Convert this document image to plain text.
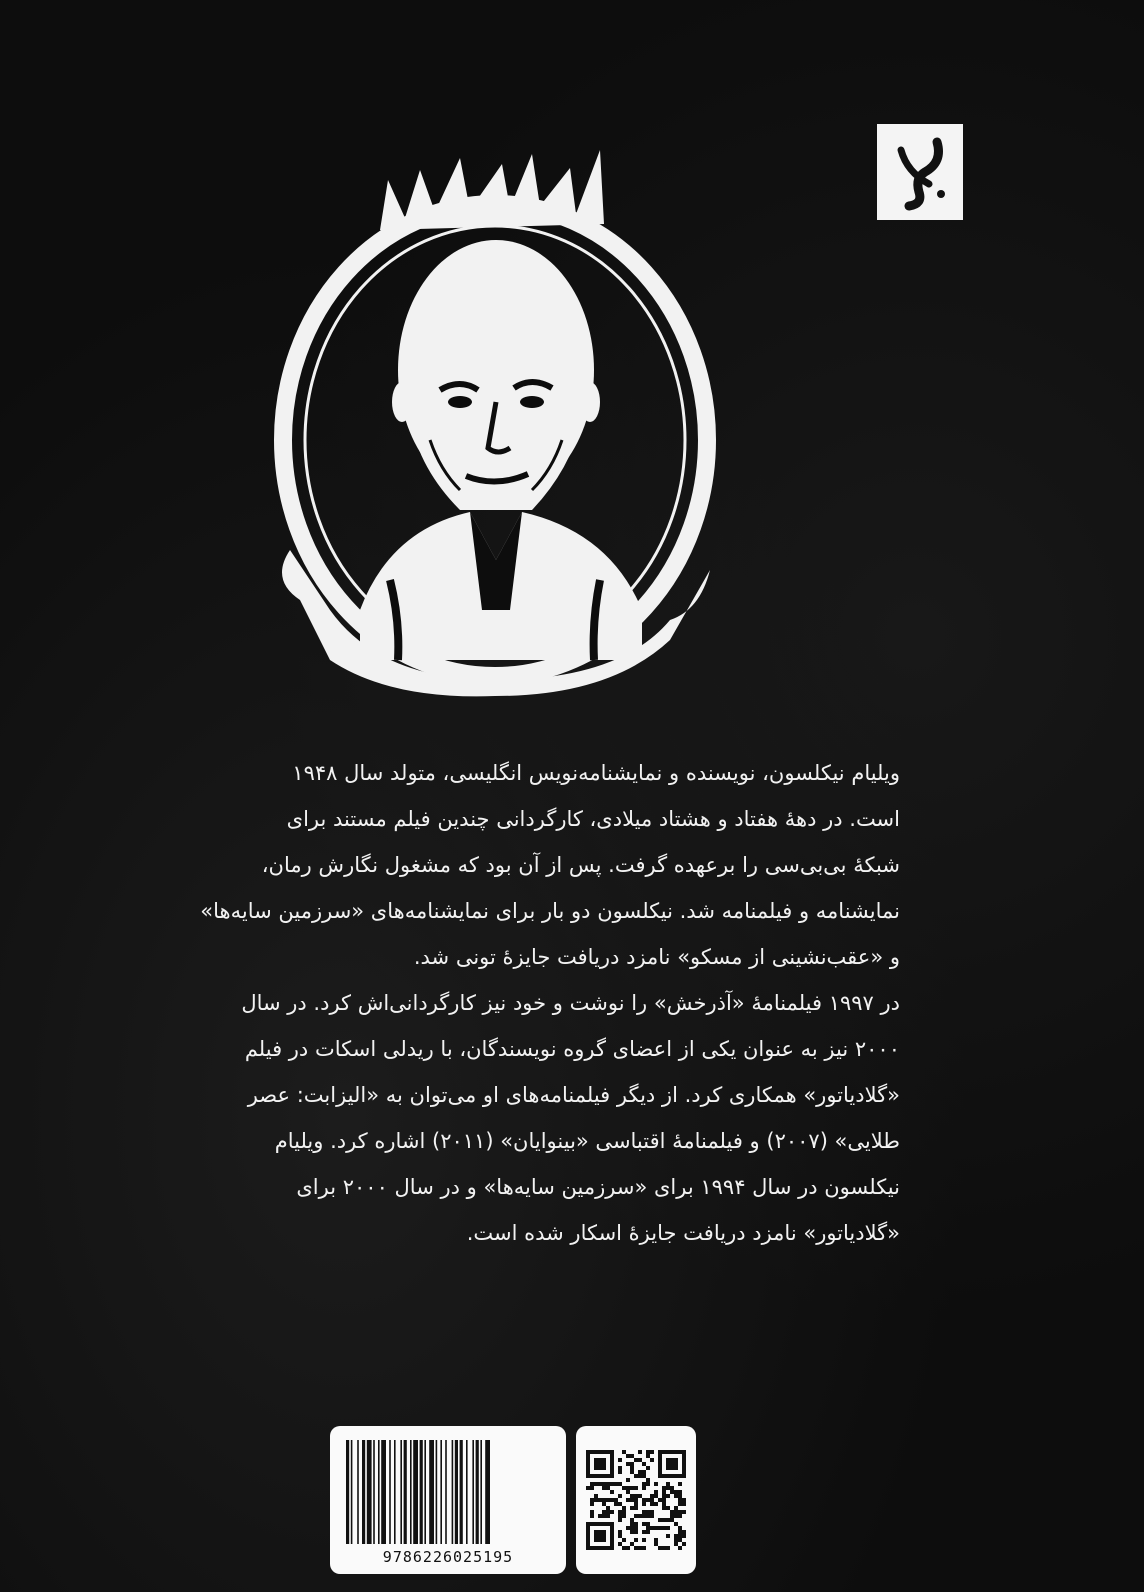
ویلیام نیکلسون، نویسنده و نمایشنامه‌نویس انگلیسی، متولد سال ۱۹۴۸
است. در دهۀ هفتاد و هشتاد میلادی، کارگردانی چندین فیلم مستند برای
شبکۀ بی‌بی‌سی را برعهده گرفت. پس از آن بود که مشغول نگارش رمان،
نمایشنامه و فیلمنامه شد. نیکلسون دو بار برای نمایشنامه‌های «سرزمین سایه‌ها»
و «عقب‌نشینی از مسکو» نامزد دریافت جایزۀ تونی شد.
در ۱۹۹۷ فیلمنامۀ «آذرخش» را نوشت و خود نیز کارگردانی‌اش کرد. در سال
۲۰۰۰ نیز به عنوان یکی از اعضای گروه نویسندگان، با ریدلی اسکات در فیلم
«گلادیاتور» همکاری کرد. از دیگر فیلمنامه‌های او می‌توان به «الیزابت: عصر
طلایی» (۲۰۰۷) و فیلمنامۀ اقتباسی «بینوایان» (۲۰۱۱) اشاره کرد. ویلیام
نیکلسون در سال ۱۹۹۴ برای «سرزمین سایه‌ها» و در سال ۲۰۰۰ برای
«گلادیاتور» نامزد دریافت جایزۀ اسکار شده است.
9786226025195
